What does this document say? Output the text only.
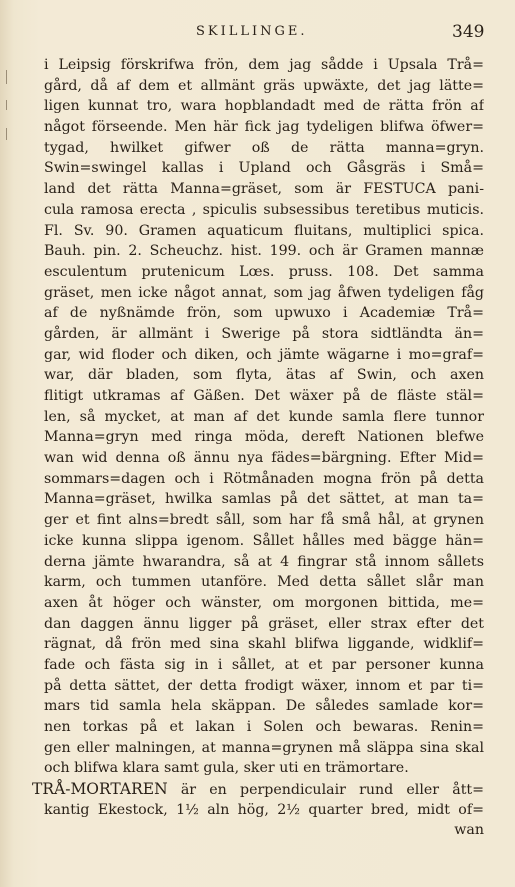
SKILLINGE.	349
i Leipsig förskrifwa frön, dem jag sådde i Upsala Trå=
gård, då af dem et allmänt gräs upwäxte, det jag lätte=
ligen kunnat tro, wara hopblandadt med de rätta frön af
något förseende. Men här fick jag tydeligen blifwa öfwer=
tygad, hwilket gifwer oß de rätta manna=gryn.
Swin=swingel kallas i Upland och Gåsgräs i Små=
land det rätta Manna=gräset, som är FESTUCA pani-
cula ramosa erecta , spiculis subsessibus teretibus muticis.
Fl. Sv. 90. Gramen aquaticum fluitans, multiplici spica.
Bauh. pin. 2. Scheuchz. hist. 199. och är Gramen mannæ
esculentum prutenicum Lœs. pruss. 108. Det samma
gräset, men icke något annat, som jag åfwen tydeligen fåg
af de nyßnämde frön, som upwuxo i Academiæ Trå=
gården, är allmänt i Swerige på stora sidtländta än=
gar, wid floder och diken, och jämte wägarne i mo=graf=
war, där bladen, som flyta, ätas af Swin, och axen
flitigt utkramas af Gäßen. Det wäxer på de fläste stäl=
len, så mycket, at man af det kunde samla flere tunnor
Manna=gryn med ringa möda, dereft Nationen blefwe
wan wid denna oß ännu nya fädes=bärgning. Efter Mid=
sommars=dagen och i Rötmånaden mogna frön på detta
Manna=gräset, hwilka samlas på det sättet, at man ta=
ger et fint alns=bredt såll, som har få små hål, at grynen
icke kunna slippa igenom. Sållet hålles med bägge hän=
derna jämte hwarandra, så at 4 fingrar stå innom sållets
karm, och tummen utanföre. Med detta sållet slår man
axen åt höger och wänster, om morgonen bittida, me=
dan daggen ännu ligger på gräset, eller strax efter det
rägnat, då frön med sina skahl blifwa liggande, widklif=
fade och fästa sig in i sållet, at et par personer kunna
på detta sättet, der detta frodigt wäxer, innom et par ti=
mars tid samla hela skäppan. De således samlade kor=
nen torkas på et lakan i Solen och bewaras. Renin=
gen eller malningen, at manna=grynen må släppa sina skal
och blifwa klara samt gula, sker uti en trämortare.
TRÅ-MORTAREN är en perpendiculair rund eller ått=
kantig Ekestock, 1½ aln hög, 2½ quarter bred, midt of=
wan
